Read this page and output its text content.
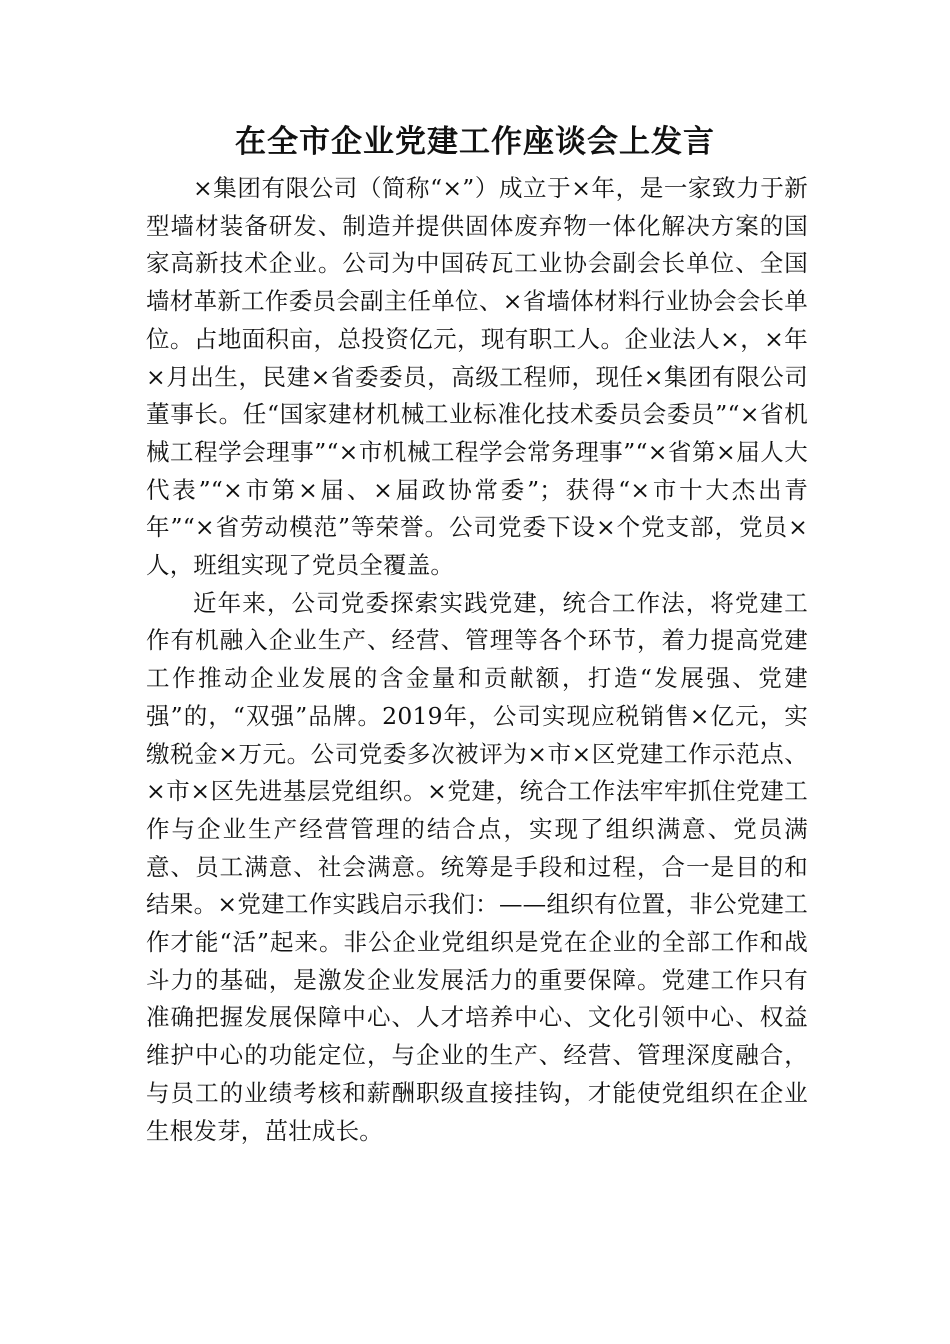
在全市企业党建工作座谈会上发言

×集团有限公司（简称“×”）成立于×年，是一家致力于新型墙材装备研发、制造并提供固体废弃物一体化解决方案的国家高新技术企业。公司为中国砖瓦工业协会副会长单位、全国墙材革新工作委员会副主任单位、×省墙体材料行业协会会长单位。占地面积亩，总投资亿元，现有职工人。企业法人×，×年×月出生，民建×省委委员，高级工程师，现任×集团有限公司董事长。任“国家建材机械工业标准化技术委员会委员”“×省机械工程学会理事”“×市机械工程学会常务理事”“×省第×届人大代表”“×市第×届、×届政协常委”；获得“×市十大杰出青年”“×省劳动模范”等荣誉。公司党委下设×个党支部，党员×人，班组实现了党员全覆盖。

近年来，公司党委探索实践党建，统合工作法，将党建工作有机融入企业生产、经营、管理等各个环节，着力提高党建工作推动企业发展的含金量和贡献额，打造“发展强、党建强”的，“双强”品牌。2019年，公司实现应税销售×亿元，实缴税金×万元。公司党委多次被评为×市×区党建工作示范点、×市×区先进基层党组织。×党建，统合工作法牢牢抓住党建工作与企业生产经营管理的结合点，实现了组织满意、党员满意、员工满意、社会满意。统筹是手段和过程，合一是目的和结果。×党建工作实践启示我们：——组织有位置，非公党建工作才能“活”起来。非公企业党组织是党在企业的全部工作和战斗力的基础，是激发企业发展活力的重要保障。党建工作只有准确把握发展保障中心、人才培养中心、文化引领中心、权益维护中心的功能定位，与企业的生产、经营、管理深度融合，与员工的业绩考核和薪酬职级直接挂钩，才能使党组织在企业生根发芽，茁壮成长。
